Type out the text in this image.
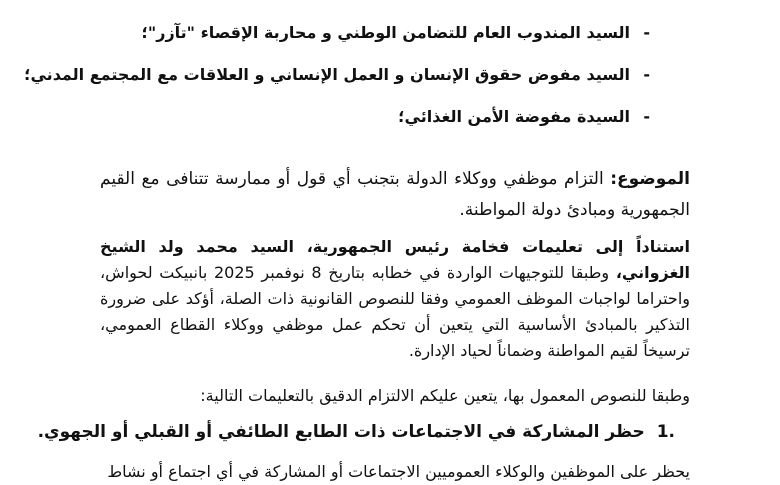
-
السيد المندوب العام للتضامن الوطني و محاربة الإقصاء "تآزر"؛
-
السيد مفوض حقوق الإنسان و العمل الإنساني و العلاقات مع المجتمع المدني؛
-
السيدة مفوضة الأمن الغذائي؛
الموضوع: التزام موظفي ووكلاء الدولة بتجنب أي قول أو ممارسة تتنافى مع القيم الجمهورية ومبادئ دولة المواطنة.
استناداً إلى تعليمات فخامة رئيس الجمهورية، السيد محمد ولد الشيخ الغزواني، وطبقا للتوجيهات الواردة في خطابه بتاريخ 8 نوفمبر 2025 بانبيكت لحواش، واحتراما لواجبات الموظف العمومي وفقا للنصوص القانونية ذات الصلة، أؤكد على ضرورة التذكير بالمبادئ الأساسية التي يتعين أن تحكم عمل موظفي ووكلاء القطاع العمومي، ترسيخاً لقيم المواطنة وضماناً لحياد الإدارة.
وطبقا للنصوص المعمول بها، يتعين عليكم الالتزام الدقيق بالتعليمات التالية:
.1 حظر المشاركة في الاجتماعات ذات الطابع الطائفي أو القبلي أو الجهوي.
يحظر على الموظفين والوكلاء العموميين الاجتماعات أو المشاركة في أي اجتماع أو نشاط
